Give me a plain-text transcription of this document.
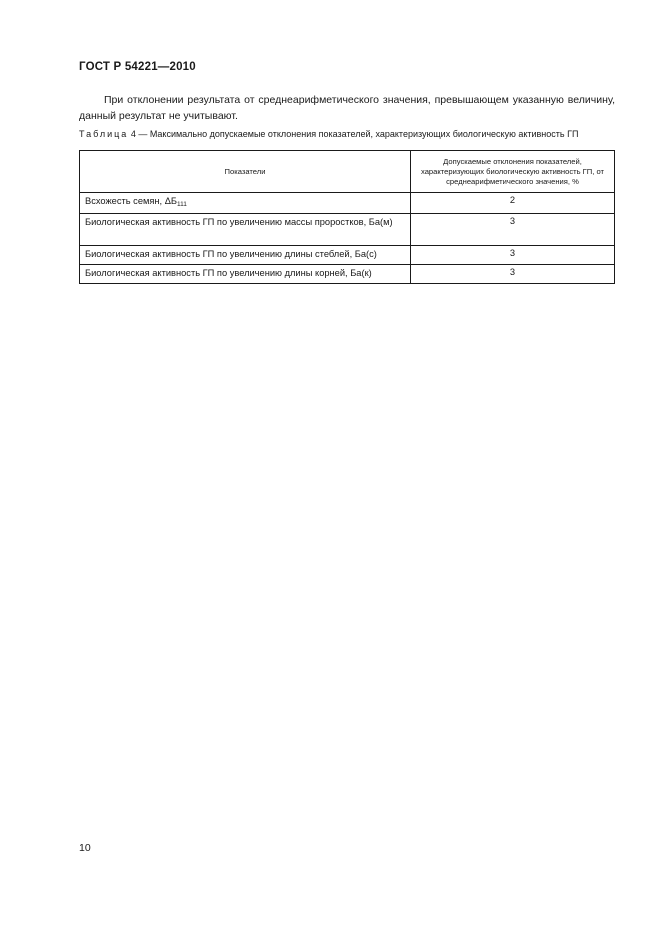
ГОСТ Р 54221—2010

При отклонении результата от среднеарифметического значения, превышающем указанную величину, данный результат не учитывают.

Таблица 4 — Максимально допускаемые отклонения показателей, характеризующих биологическую активность ГП
Показатели	Допускаемые отклонения показателей, характеризующих биологическую активность ГП, от среднеарифметического значения, %
Всхожесть семян, $\Delta Б_{111}$	2
Биологическая активность ГП по увеличению массы проростков, Ба(м)	3
Биологическая активность ГП по увеличению длины стеблей, Ба(с)	3
Биологическая активность ГП по увеличению длины корней, Ба(к)	3
10
